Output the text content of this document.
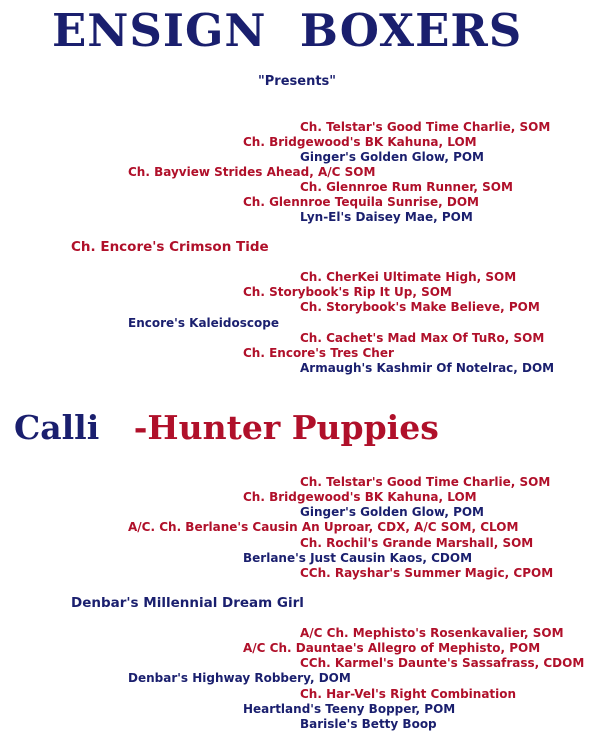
ENSIGN  BOXERS
"Presents"
Ch. Telstar's Good Time Charlie, SOM
Ch. Bridgewood's BK Kahuna, LOM
Ginger's Golden Glow, POM
Ch. Bayview Strides Ahead, A/C SOM
Ch. Glennroe Rum Runner, SOM
Ch. Glennroe Tequila Sunrise, DOM
Lyn-El's Daisey Mae, POM
Ch. Encore's Crimson Tide
Ch. CherKei Ultimate High, SOM
Ch. Storybook's Rip It Up, SOM
Ch. Storybook's Make Believe, POM
Encore's Kaleidoscope
Ch. Cachet's Mad Max Of TuRo, SOM
Ch. Encore's Tres Cher
Armaugh's Kashmir Of Notelrac, DOM
Calli -Hunter Puppies
Ch. Telstar's Good Time Charlie, SOM
Ch. Bridgewood's BK Kahuna, LOM
Ginger's Golden Glow, POM
A/C. Ch. Berlane's Causin An Uproar, CDX, A/C SOM, CLOM
Ch. Rochil's Grande Marshall, SOM
Berlane's Just Causin Kaos, CDOM
CCh. Rayshar's Summer Magic, CPOM
Denbar's Millennial Dream Girl
A/C Ch. Mephisto's Rosenkavalier, SOM
A/C Ch. Dauntae's Allegro of Mephisto, POM
CCh. Karmel's Daunte's Sassafrass, CDOM
Denbar's Highway Robbery, DOM
Ch. Har-Vel's Right Combination
Heartland's Teeny Bopper, POM
Barisle's Betty Boop
